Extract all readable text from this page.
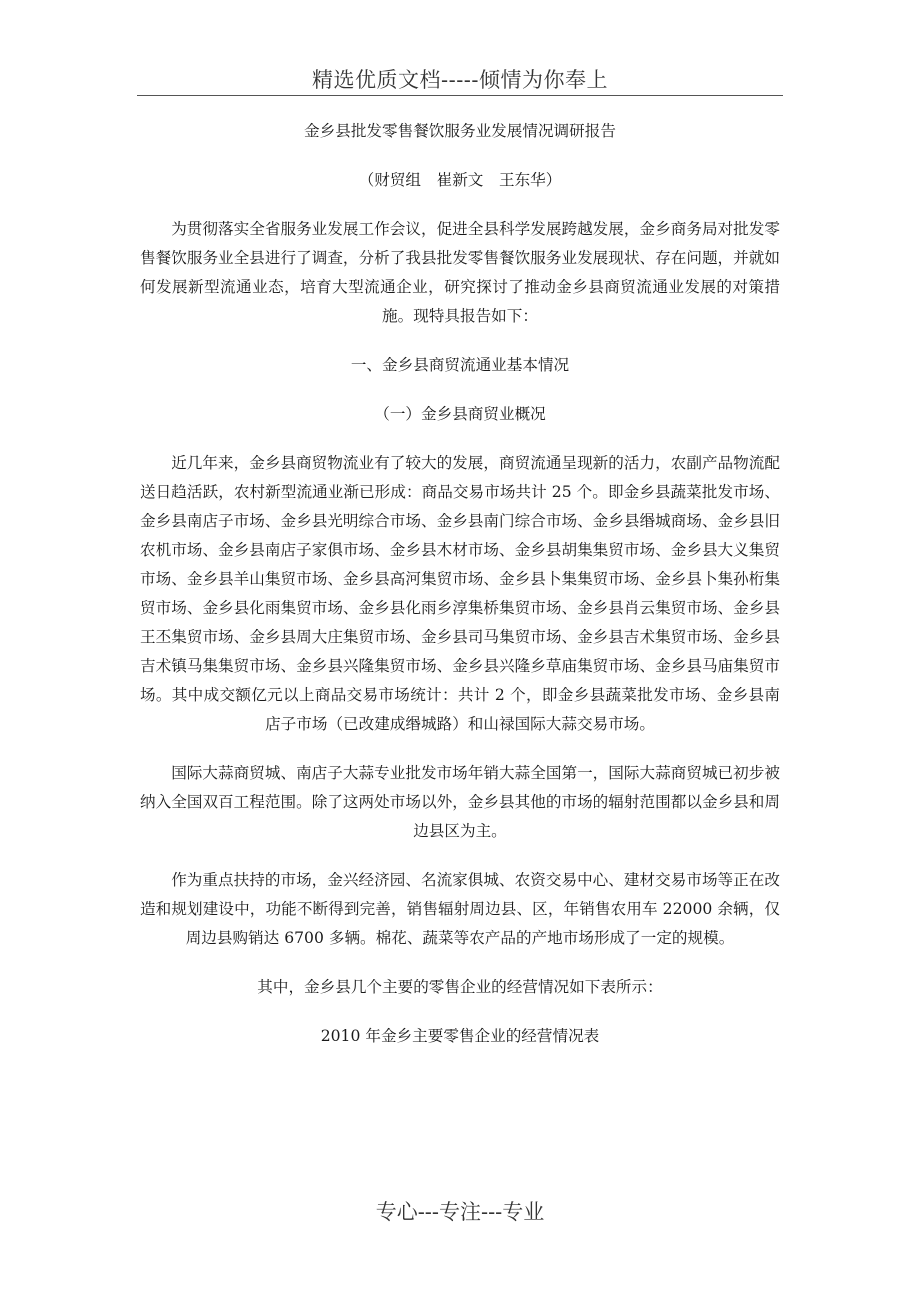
精选优质文档-----倾情为你奉上

金乡县批发零售餐饮服务业发展情况调研报告

（财贸组　崔新文　王东华）

为贯彻落实全省服务业发展工作会议，促进全县科学发展跨越发展，金乡商务局对批发零售餐饮服务业全县进行了调查，分析了我县批发零售餐饮服务业发展现状、存在问题，并就如何发展新型流通业态，培育大型流通企业，研究探讨了推动金乡县商贸流通业发展的对策措施。现特具报告如下：

一、金乡县商贸流通业基本情况

（一）金乡县商贸业概况

近几年来，金乡县商贸物流业有了较大的发展，商贸流通呈现新的活力，农副产品物流配送日趋活跃，农村新型流通业渐已形成：商品交易市场共计 25 个。即金乡县蔬菜批发市场、金乡县南店子市场、金乡县光明综合市场、金乡县南门综合市场、金乡县缗城商场、金乡县旧农机市场、金乡县南店子家俱市场、金乡县木材市场、金乡县胡集集贸市场、金乡县大义集贸市场、金乡县羊山集贸市场、金乡县高河集贸市场、金乡县卜集集贸市场、金乡县卜集孙桁集贸市场、金乡县化雨集贸市场、金乡县化雨乡淳集桥集贸市场、金乡县肖云集贸市场、金乡县王丕集贸市场、金乡县周大庄集贸市场、金乡县司马集贸市场、金乡县吉术集贸市场、金乡县吉术镇马集集贸市场、金乡县兴隆集贸市场、金乡县兴隆乡草庙集贸市场、金乡县马庙集贸市场。其中成交额亿元以上商品交易市场统计：共计 2 个，即金乡县蔬菜批发市场、金乡县南店子市场（已改建成缗城路）和山禄国际大蒜交易市场。

国际大蒜商贸城、南店子大蒜专业批发市场年销大蒜全国第一，国际大蒜商贸城已初步被纳入全国双百工程范围。除了这两处市场以外，金乡县其他的市场的辐射范围都以金乡县和周边县区为主。

作为重点扶持的市场，金兴经济园、名流家俱城、农资交易中心、建材交易市场等正在改造和规划建设中，功能不断得到完善，销售辐射周边县、区，年销售农用车 22000 余辆，仅周边县购销达 6700 多辆。棉花、蔬菜等农产品的产地市场形成了一定的规模。

其中，金乡县几个主要的零售企业的经营情况如下表所示：

2010 年金乡主要零售企业的经营情况表

专心---专注---专业
